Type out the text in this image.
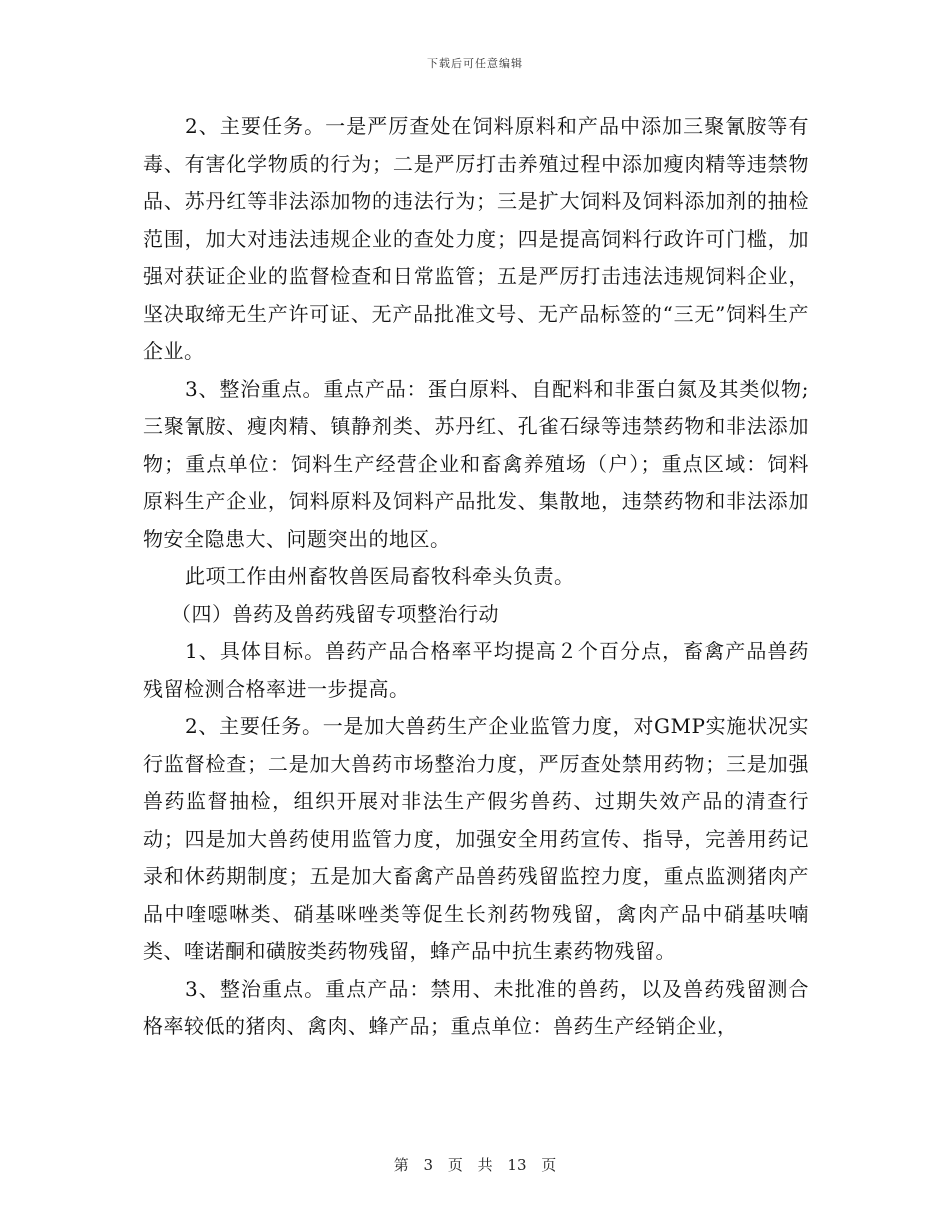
下载后可任意编辑

2、主要任务。一是严厉查处在饲料原料和产品中添加三聚氰胺等有毒、有害化学物质的行为；二是严厉打击养殖过程中添加瘦肉精等违禁物品、苏丹红等非法添加物的违法行为；三是扩大饲料及饲料添加剂的抽检范围，加大对违法违规企业的查处力度；四是提高饲料行政许可门槛，加强对获证企业的监督检查和日常监管；五是严厉打击违法违规饲料企业，坚决取缔无生产许可证、无产品批准文号、无产品标签的“三无”饲料生产企业。

3、整治重点。重点产品：蛋白原料、自配料和非蛋白氮及其类似物;三聚氰胺、瘦肉精、镇静剂类、苏丹红、孔雀石绿等违禁药物和非法添加物；重点单位：饲料生产经营企业和畜禽养殖场（户）；重点区域：饲料原料生产企业，饲料原料及饲料产品批发、集散地，违禁药物和非法添加物安全隐患大、问题突出的地区。

此项工作由州畜牧兽医局畜牧科牵头负责。

（四）兽药及兽药残留专项整治行动

1、具体目标。兽药产品合格率平均提高２个百分点，畜禽产品兽药残留检测合格率进一步提高。

2、主要任务。一是加大兽药生产企业监管力度，对GMP实施状况实行监督检查；二是加大兽药市场整治力度，严厉查处禁用药物；三是加强兽药监督抽检，组织开展对非法生产假劣兽药、过期失效产品的清查行动；四是加大兽药使用监管力度，加强安全用药宣传、指导，完善用药记录和休药期制度；五是加大畜禽产品兽药残留监控力度，重点监测猪肉产品中喹噁啉类、硝基咪唑类等促生长剂药物残留，禽肉产品中硝基呋喃类、喹诺酮和磺胺类药物残留，蜂产品中抗生素药物残留。

3、整治重点。重点产品：禁用、未批准的兽药，以及兽药残留测合格率较低的猪肉、禽肉、蜂产品；重点单位：兽药生产经销企业，

第 3 页 共 13 页
